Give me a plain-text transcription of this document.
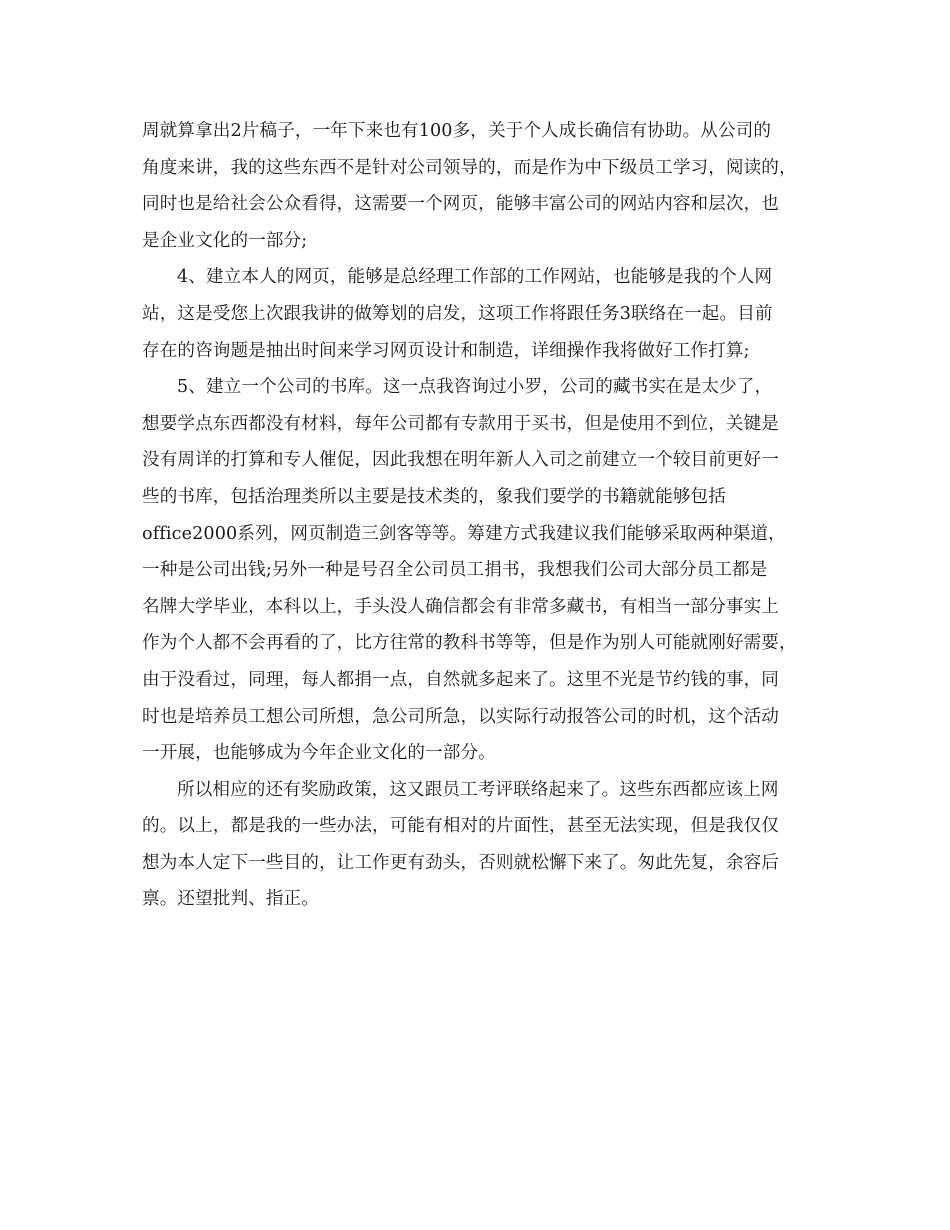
周就算拿出2片稿子，一年下来也有100多，关于个人成长确信有协助。从公司的
角度来讲，我的这些东西不是针对公司领导的，而是作为中下级员工学习，阅读的，
同时也是给社会公众看得，这需要一个网页，能够丰富公司的网站内容和层次，也
是企业文化的一部分;
4、建立本人的网页，能够是总经理工作部的工作网站，也能够是我的个人网
站，这是受您上次跟我讲的做筹划的启发，这项工作将跟任务3联络在一起。目前
存在的咨询题是抽出时间来学习网页设计和制造，详细操作我将做好工作打算;
5、建立一个公司的书库。这一点我咨询过小罗，公司的藏书实在是太少了，
想要学点东西都没有材料，每年公司都有专款用于买书，但是使用不到位，关键是
没有周详的打算和专人催促，因此我想在明年新人入司之前建立一个较目前更好一
些的书库，包括治理类所以主要是技术类的，象我们要学的书籍就能够包括
office2000系列，网页制造三剑客等等。筹建方式我建议我们能够采取两种渠道，
一种是公司出钱;另外一种是号召全公司员工捐书，我想我们公司大部分员工都是
名牌大学毕业，本科以上，手头没人确信都会有非常多藏书，有相当一部分事实上
作为个人都不会再看的了，比方往常的教科书等等，但是作为别人可能就刚好需要，
由于没看过，同理，每人都捐一点，自然就多起来了。这里不光是节约钱的事，同
时也是培养员工想公司所想，急公司所急，以实际行动报答公司的时机，这个活动
一开展，也能够成为今年企业文化的一部分。
所以相应的还有奖励政策，这又跟员工考评联络起来了。这些东西都应该上网
的。以上，都是我的一些办法，可能有相对的片面性，甚至无法实现，但是我仅仅
想为本人定下一些目的，让工作更有劲头，否则就松懈下来了。匆此先复，余容后
禀。还望批判、指正。
